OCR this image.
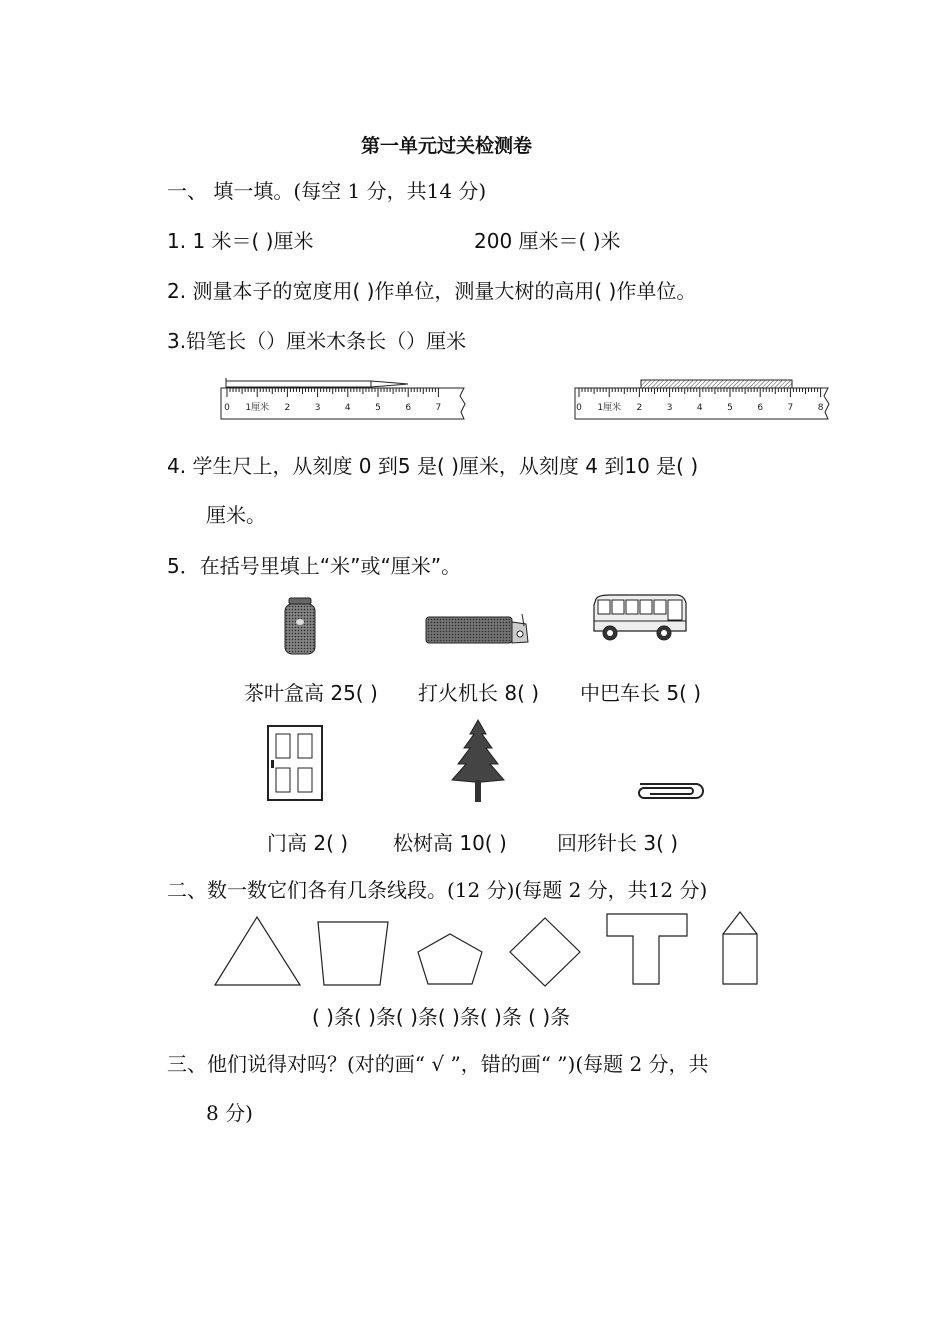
第一单元过关检测卷
一、 填一填。(每空 1 分，共14 分)
1. 1 米＝( )厘米	200 厘米＝( )米
2. 测量本子的宽度用( )作单位，测量大树的高用( )作单位。
3.铅笔长（）厘米木条长（）厘米
0 1厘米 2	3	4	5	6	7	0 1厘米 2	3	4	5	6	7	8
4. 学生尺上，从刻度 0 到5 是( )厘米，从刻度 4 到10 是( )
厘米。
5．在括号里填上“米”或“厘米”。
茶叶盒高 25( ) 打火机长 8( ) 中巴车长 5( )
门高 2( ) 松树高 10( )	回形针长 3( )
二、数一数它们各有几条线段。(12 分)(每题 2 分，共12 分)
( )条( )条( )条( )条( )条 ( )条
三、他们说得对吗？(对的画“ √ ”，错的画“ ”)(每题 2 分，共
8 分)
